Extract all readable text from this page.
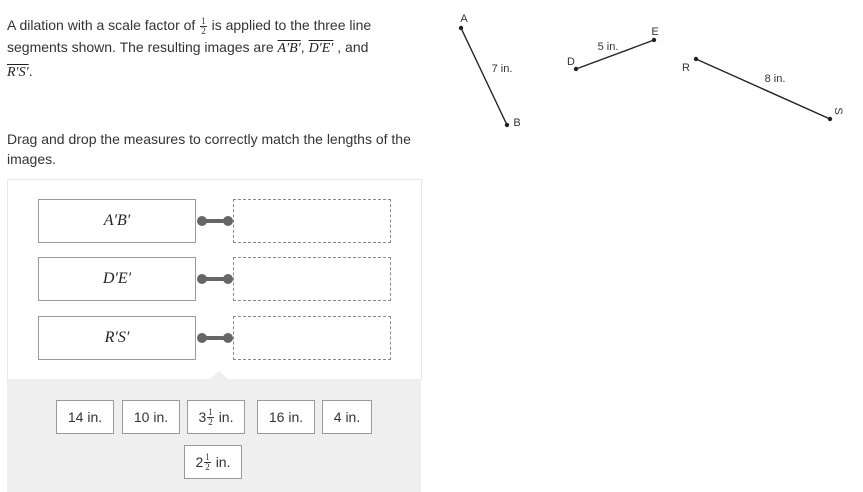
A dilation with a scale factor of $\frac{1}{2}$ is applied to the three line
segments shown. The resulting images are A′B′, D′E′ , and
R′S′.
A
B
7 in.
D
E
5 in.
R
S
8 in.
Drag and drop the measures to correctly match the lengths of the images.
A′B′
D′E′
R′S′
14 in.	10 in.	$3 \frac{1}{2}$
in.	16 in.	4 in.
$2 \frac{1}{2}$
in.
